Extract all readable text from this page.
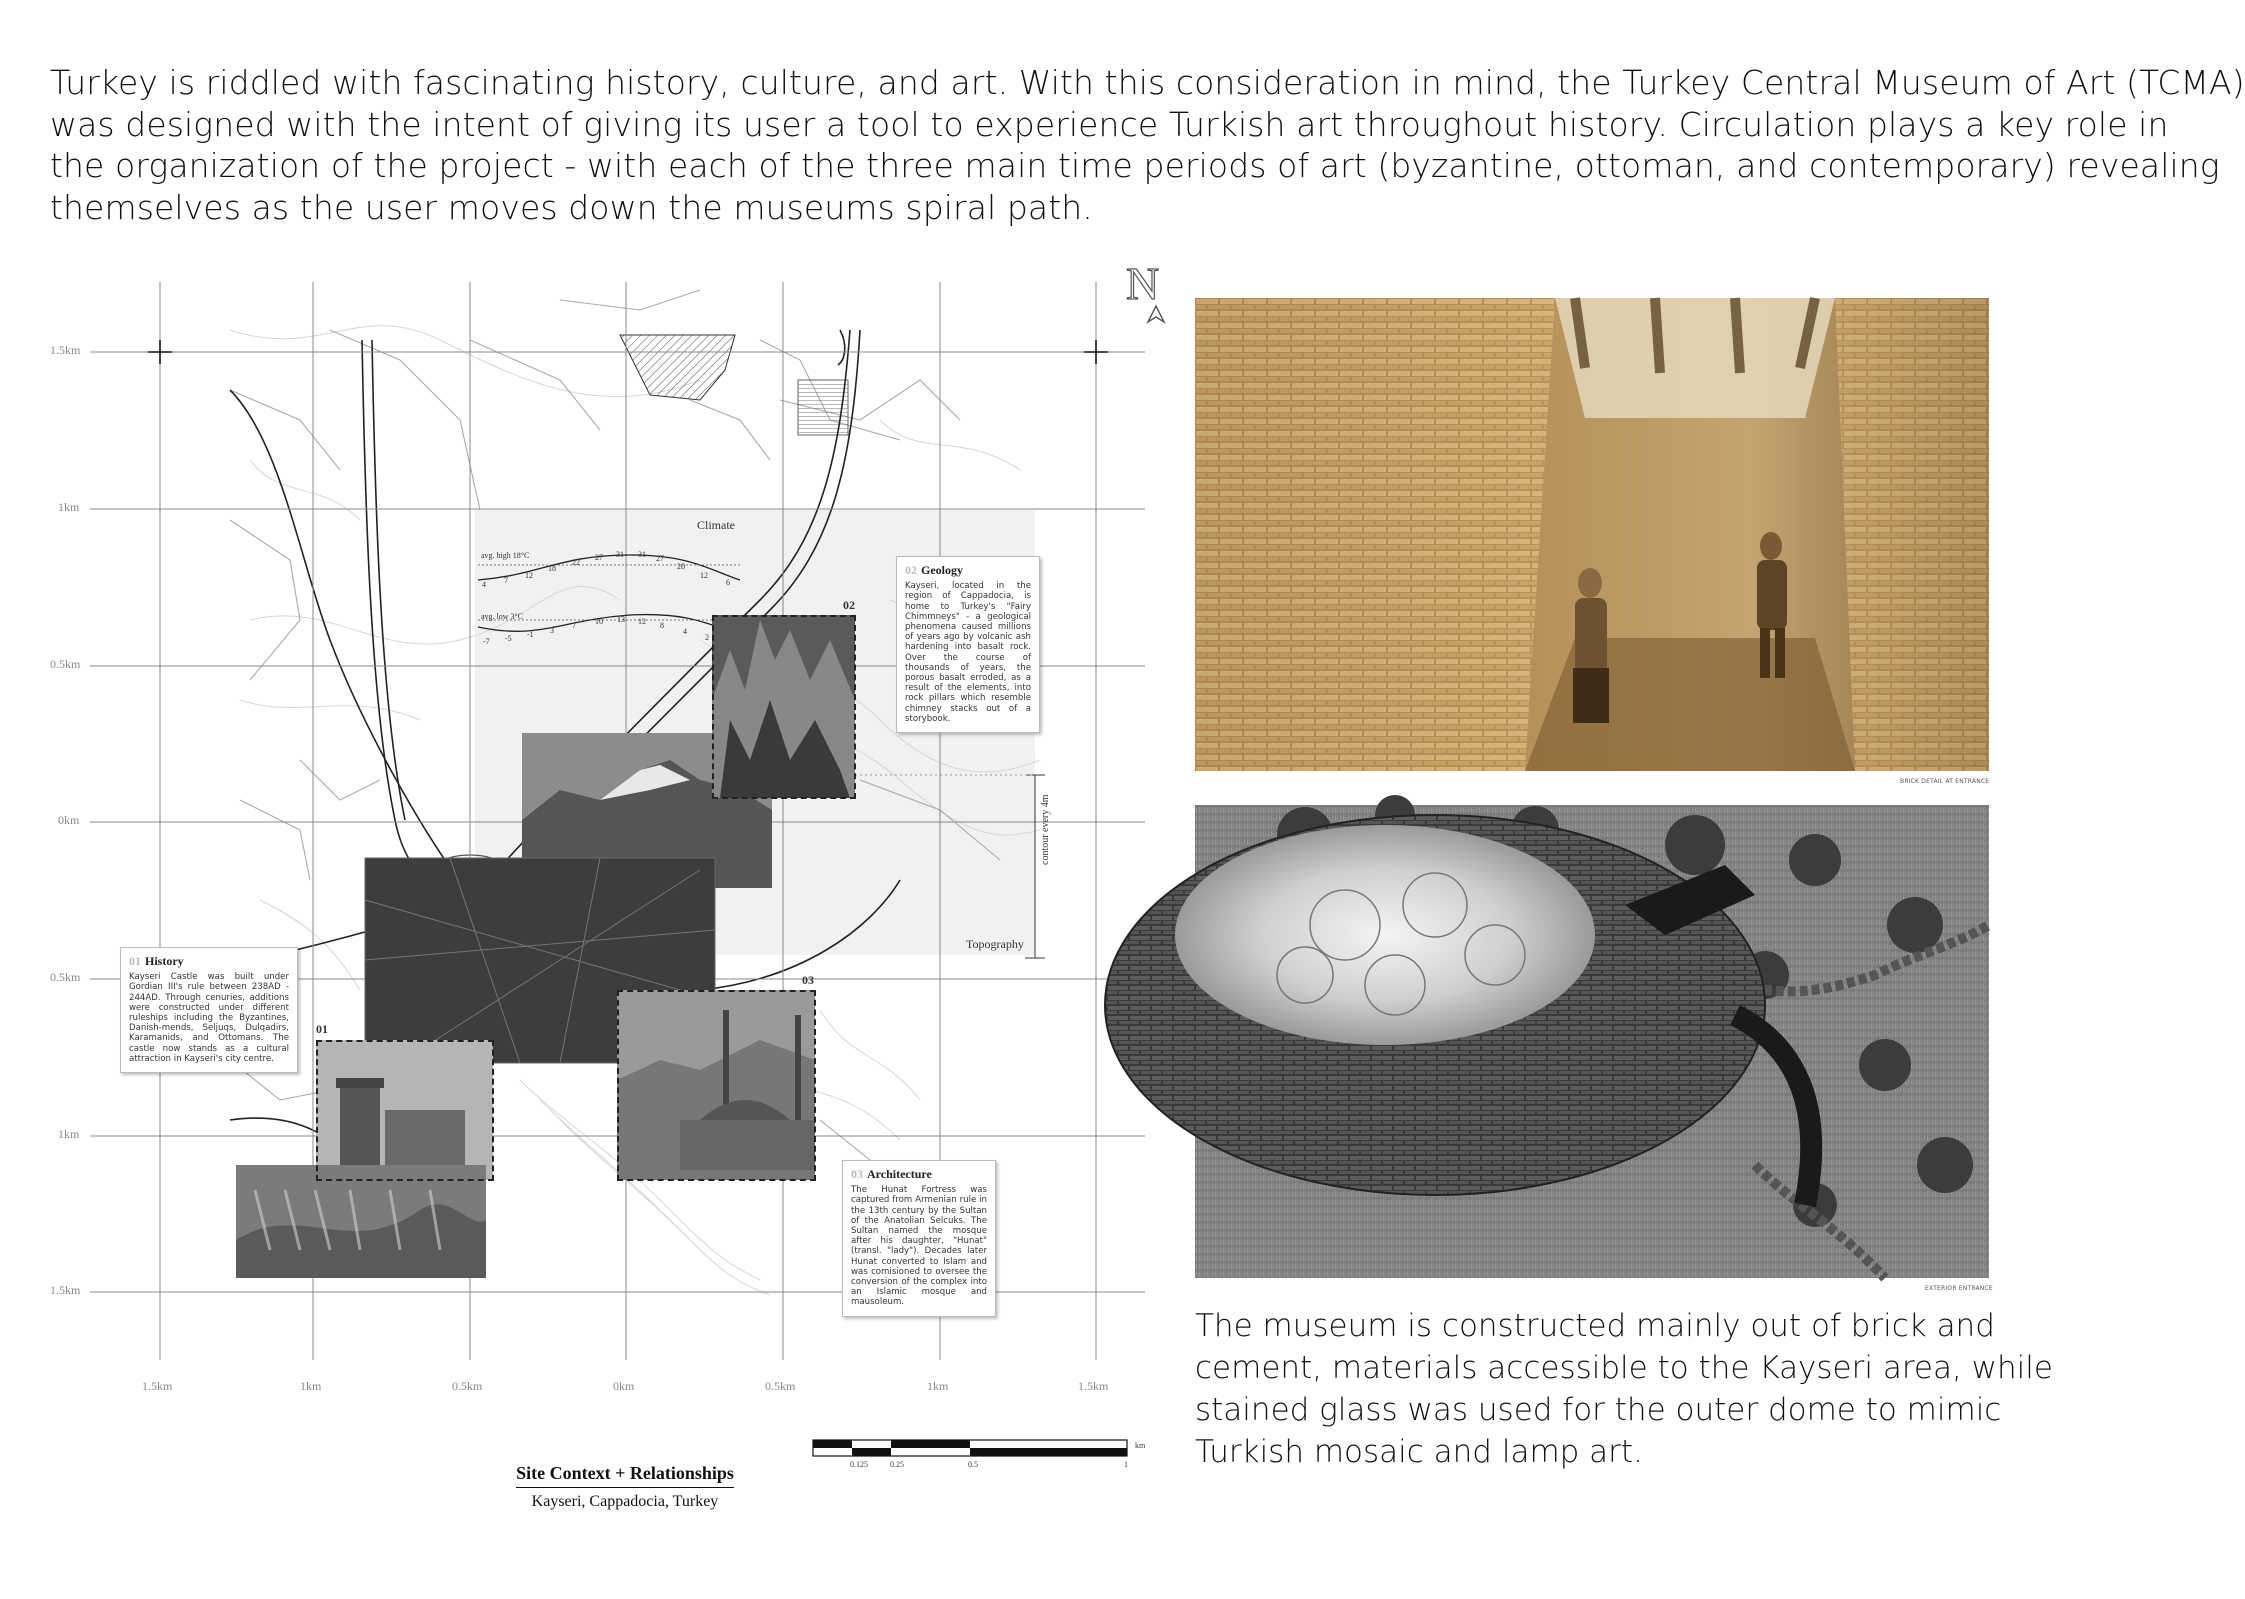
Turkey is riddled with fascinating history, culture, and art. With this consideration in mind, the Turkey Central Museum of Art (TCMA)
was designed with the intent of giving its user a tool to experience Turkish art throughout history. Circulation plays a key role in
the organization of the project - with each of the three main time periods of art (byzantine, ottoman, and contemporary) revealing
themselves as the user moves down the museums spiral path.
02
03
01
N
1.5km
1km
0.5km
0km
0.5km
1km
1.5km
1.5km	1km	0.5km	0km	0.5km	1km	1.5km
Climate
avg. high 18°C
avg. low 3°C
4 7
12
18
22
27 31 31 27
20
12
6
-7 -5 -1 3
7 10 13 12 8
4
2
Topography
contour every 4m
01 History
Kayseri Castle was built under Gordian III's rule between 238AD - 244AD. Through cenuries, additions were constructed under different ruleships including the Byzantines, Danish-mends, Seljuqs, Dulqadirs, Karamanids, and Ottomans. The castle now stands as a cultural attraction in Kayseri's city centre.
02 Geology
Kayseri, located in the region of Cappadocia, is home to Turkey's "Fairy Chimmneys" - a geological phenomena caused millions of years ago by volcanic ash hardening into basalt rock. Over the course of thousands of years, the porous basalt erroded, as a result of the elements, into rock pillars which resemble chimney stacks out of a storybook.
03 Architecture
The Hunat Fortress was captured from Armenian rule in the 13th century by the Sultan of the Anatolian Selcuks. The Sultan named the mosque after his daughter, "Hunat" (transl. "lady"). Decades later Hunat converted to Islam and was comisioned to oversee the conversion of the complex into an Islamic mosque and mausoleum.
km
0.125	0.25	0.5	1
Site Context + Relationships
Kayseri, Cappadocia, Turkey
BRICK DETAIL AT ENTRANCE
EXTERIOR ENTRANCE
The museum is constructed mainly out of brick and
cement, materials accessible to the Kayseri area, while
stained glass was used for the outer dome to mimic
Turkish mosaic and lamp art.
